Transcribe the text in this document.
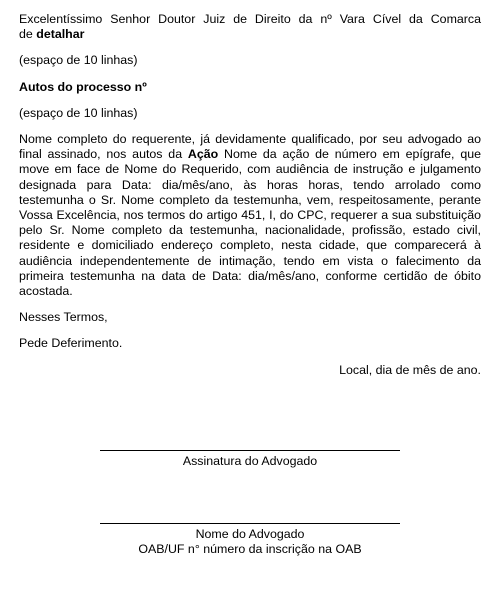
Excelentíssimo Senhor Doutor Juiz de Direito da nº Vara Cível da Comarca

de detalhar

(espaço de 10 linhas)

Autos do processo nº

(espaço de 10 linhas)

Nome completo do requerente, já devidamente qualificado, por seu advogado ao final assinado, nos autos da Ação Nome da ação de número em epígrafe, que move em face de Nome do Requerido, com audiência de instrução e julgamento designada para Data: dia/mês/ano, às horas horas, tendo arrolado como testemunha o Sr. Nome completo da testemunha, vem, respeitosamente, perante Vossa Excelência, nos termos do artigo 451, I, do CPC, requerer a sua substituição pelo Sr. Nome completo da testemunha, nacionalidade, profissão, estado civil, residente e domiciliado endereço completo, nesta cidade, que comparecerá à audiência independentemente de intimação, tendo em vista o falecimento da primeira testemunha na data de Data: dia/mês/ano, conforme certidão de óbito acostada.

Nesses Termos,

Pede Deferimento.

Local, dia de mês de ano.

Assinatura do Advogado
Nome do Advogado
OAB/UF n° número da inscrição na OAB
